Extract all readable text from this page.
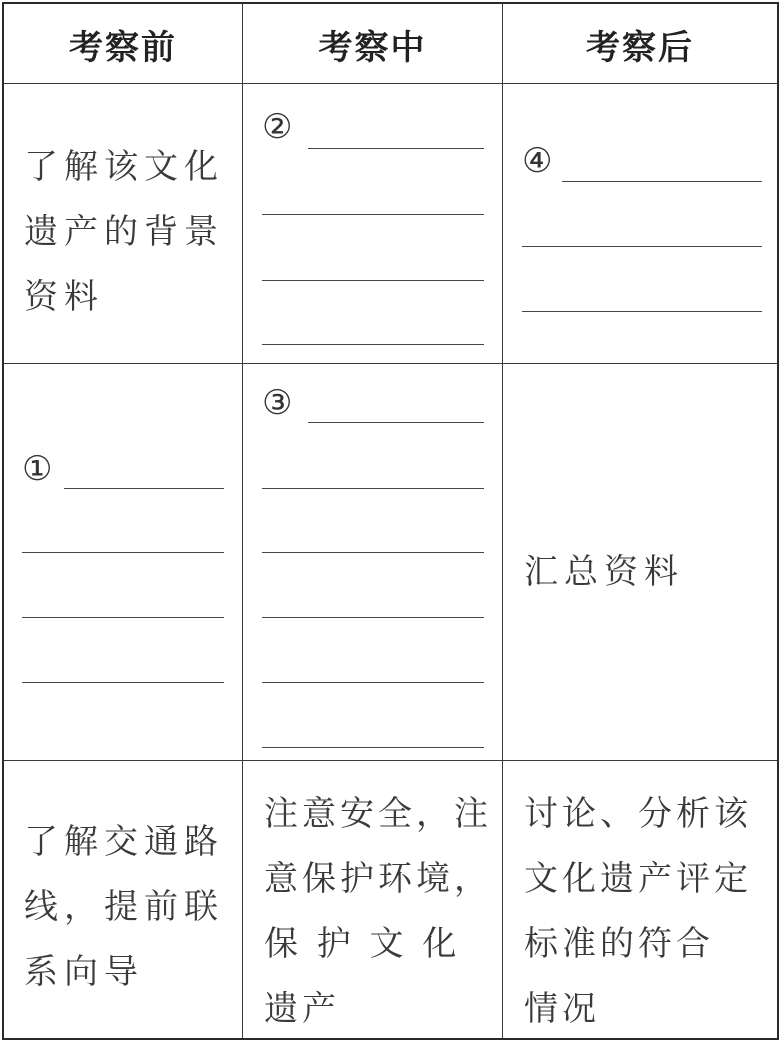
考察前	考察中	考察后
了解该文化
遗产的背景
资料
②
④
①
③
汇总资料
了解交通路
线，提前联
系向导
注意安全，注
意保护环境，
保 护 文 化
遗产
讨论、分析该
文化遗产评定
标准的符合
情况
